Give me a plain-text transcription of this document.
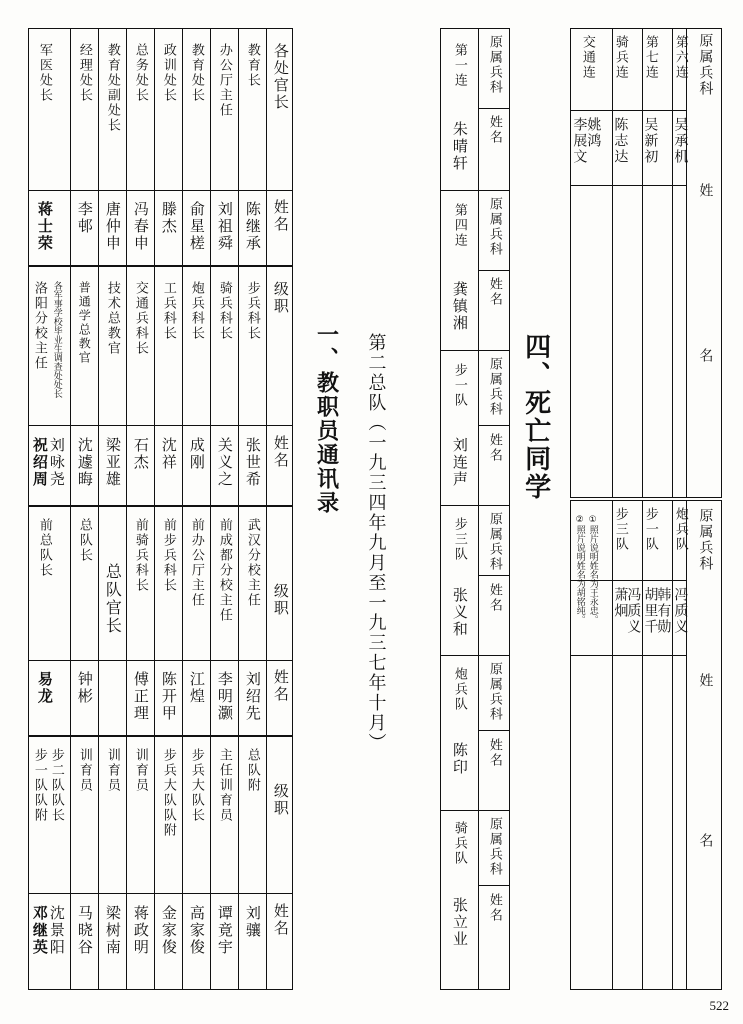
原属兵科
姓
名
第六连
吴承机
第七连
吴新初
骑兵连
陈志达
交通连
姚鸿
李展文
原属兵科
姓
名
炮兵队
冯质义
步一队
韩有勋
胡里千
步三队
冯质义
萧炯
①照片说明姓名为王永忠。
②照片说明姓名为胡铭纯。
四、死亡同学
第一连 原属兵科
姓名
朱晴轩
第四连 原属兵科
姓名
龚镇湘
步一队 原属兵科
姓名
刘连声
步三队 原属兵科
姓名
张义和
炮兵队 原属兵科
姓名
陈印
骑兵队 原属兵科
姓名
张立业
第二总队（一九三四年九月至一九三七年十月）
一、教职员通讯录
各处官长
姓名
教育长
办公厅主任
教育处长
政训处长
总务处长
教育处副处长
经理处长
军医处长
陈继承
刘祖舜
俞星槎
滕杰
冯春申
唐仲申
李邨
蒋士荣
级职
姓名
步兵科长
骑兵科长
炮兵科长
工兵科长
交通兵科长
技术总教官
普通学总教官
各军事学校毕业生调查处处长
洛阳分校主任
张世希
关义之
成刚
沈祥
石杰
梁亚雄
沈遽晦
刘咏尧
祝绍周
级职
姓名
武汉分校主任
前成都分校主任
前办公厅主任
前步兵科长
前骑兵科长
总队官长
总队长
前总队长
刘绍先
李明灏
江煌
陈开甲
傅正理
钟彬
易龙
级职
姓名
总队附
主任训育员
步兵大队长
步兵大队队附
训育员
训育员
训育员
步二队队长
步一队队附
刘骧
谭竟宇
高家俊
金家俊
蒋政明
梁树南
马晓谷
沈景阳
邓继英
522
